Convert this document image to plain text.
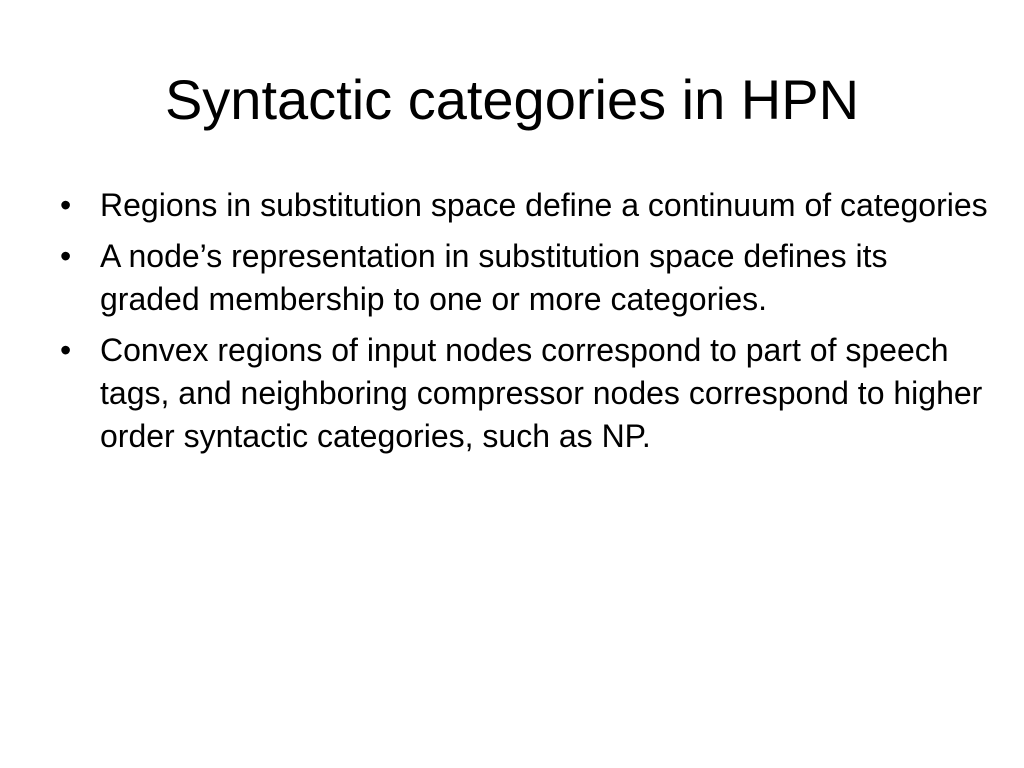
Syntactic categories in HPN
• Regions in substitution space define a continuum of categories
• A node’s representation in substitution space defines its graded membership to one or more categories.
• Convex regions of input nodes correspond to part of speech tags, and neighboring compressor nodes correspond to higher order syntactic categories, such as NP.
